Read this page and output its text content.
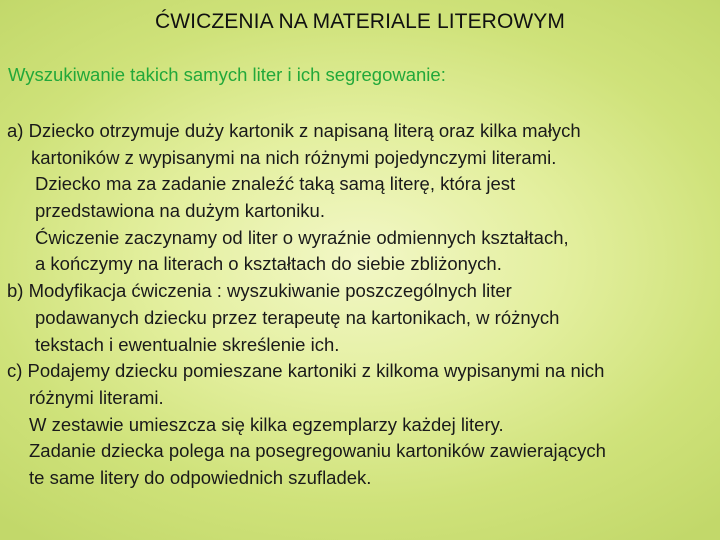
ĆWICZENIA NA MATERIALE LITEROWYM
Wyszukiwanie takich samych liter i ich segregowanie:
a) Dziecko otrzymuje duży kartonik z napisaną literą oraz kilka małych
kartoników z wypisanymi na nich różnymi pojedynczymi literami.
Dziecko ma za zadanie znaleźć taką samą literę, która jest
przedstawiona na dużym kartoniku.
Ćwiczenie zaczynamy od liter o wyraźnie odmiennych kształtach,
a kończymy na literach o kształtach do siebie zbliżonych.
b) Modyfikacja ćwiczenia : wyszukiwanie poszczególnych liter
podawanych dziecku przez terapeutę na kartonikach, w różnych
tekstach i ewentualnie skreślenie ich.
c) Podajemy dziecku pomieszane kartoniki z kilkoma wypisanymi na nich
różnymi literami.
W zestawie umieszcza się kilka egzemplarzy każdej litery.
Zadanie dziecka polega na posegregowaniu kartoników zawierających
te same litery do odpowiednich szufladek.
